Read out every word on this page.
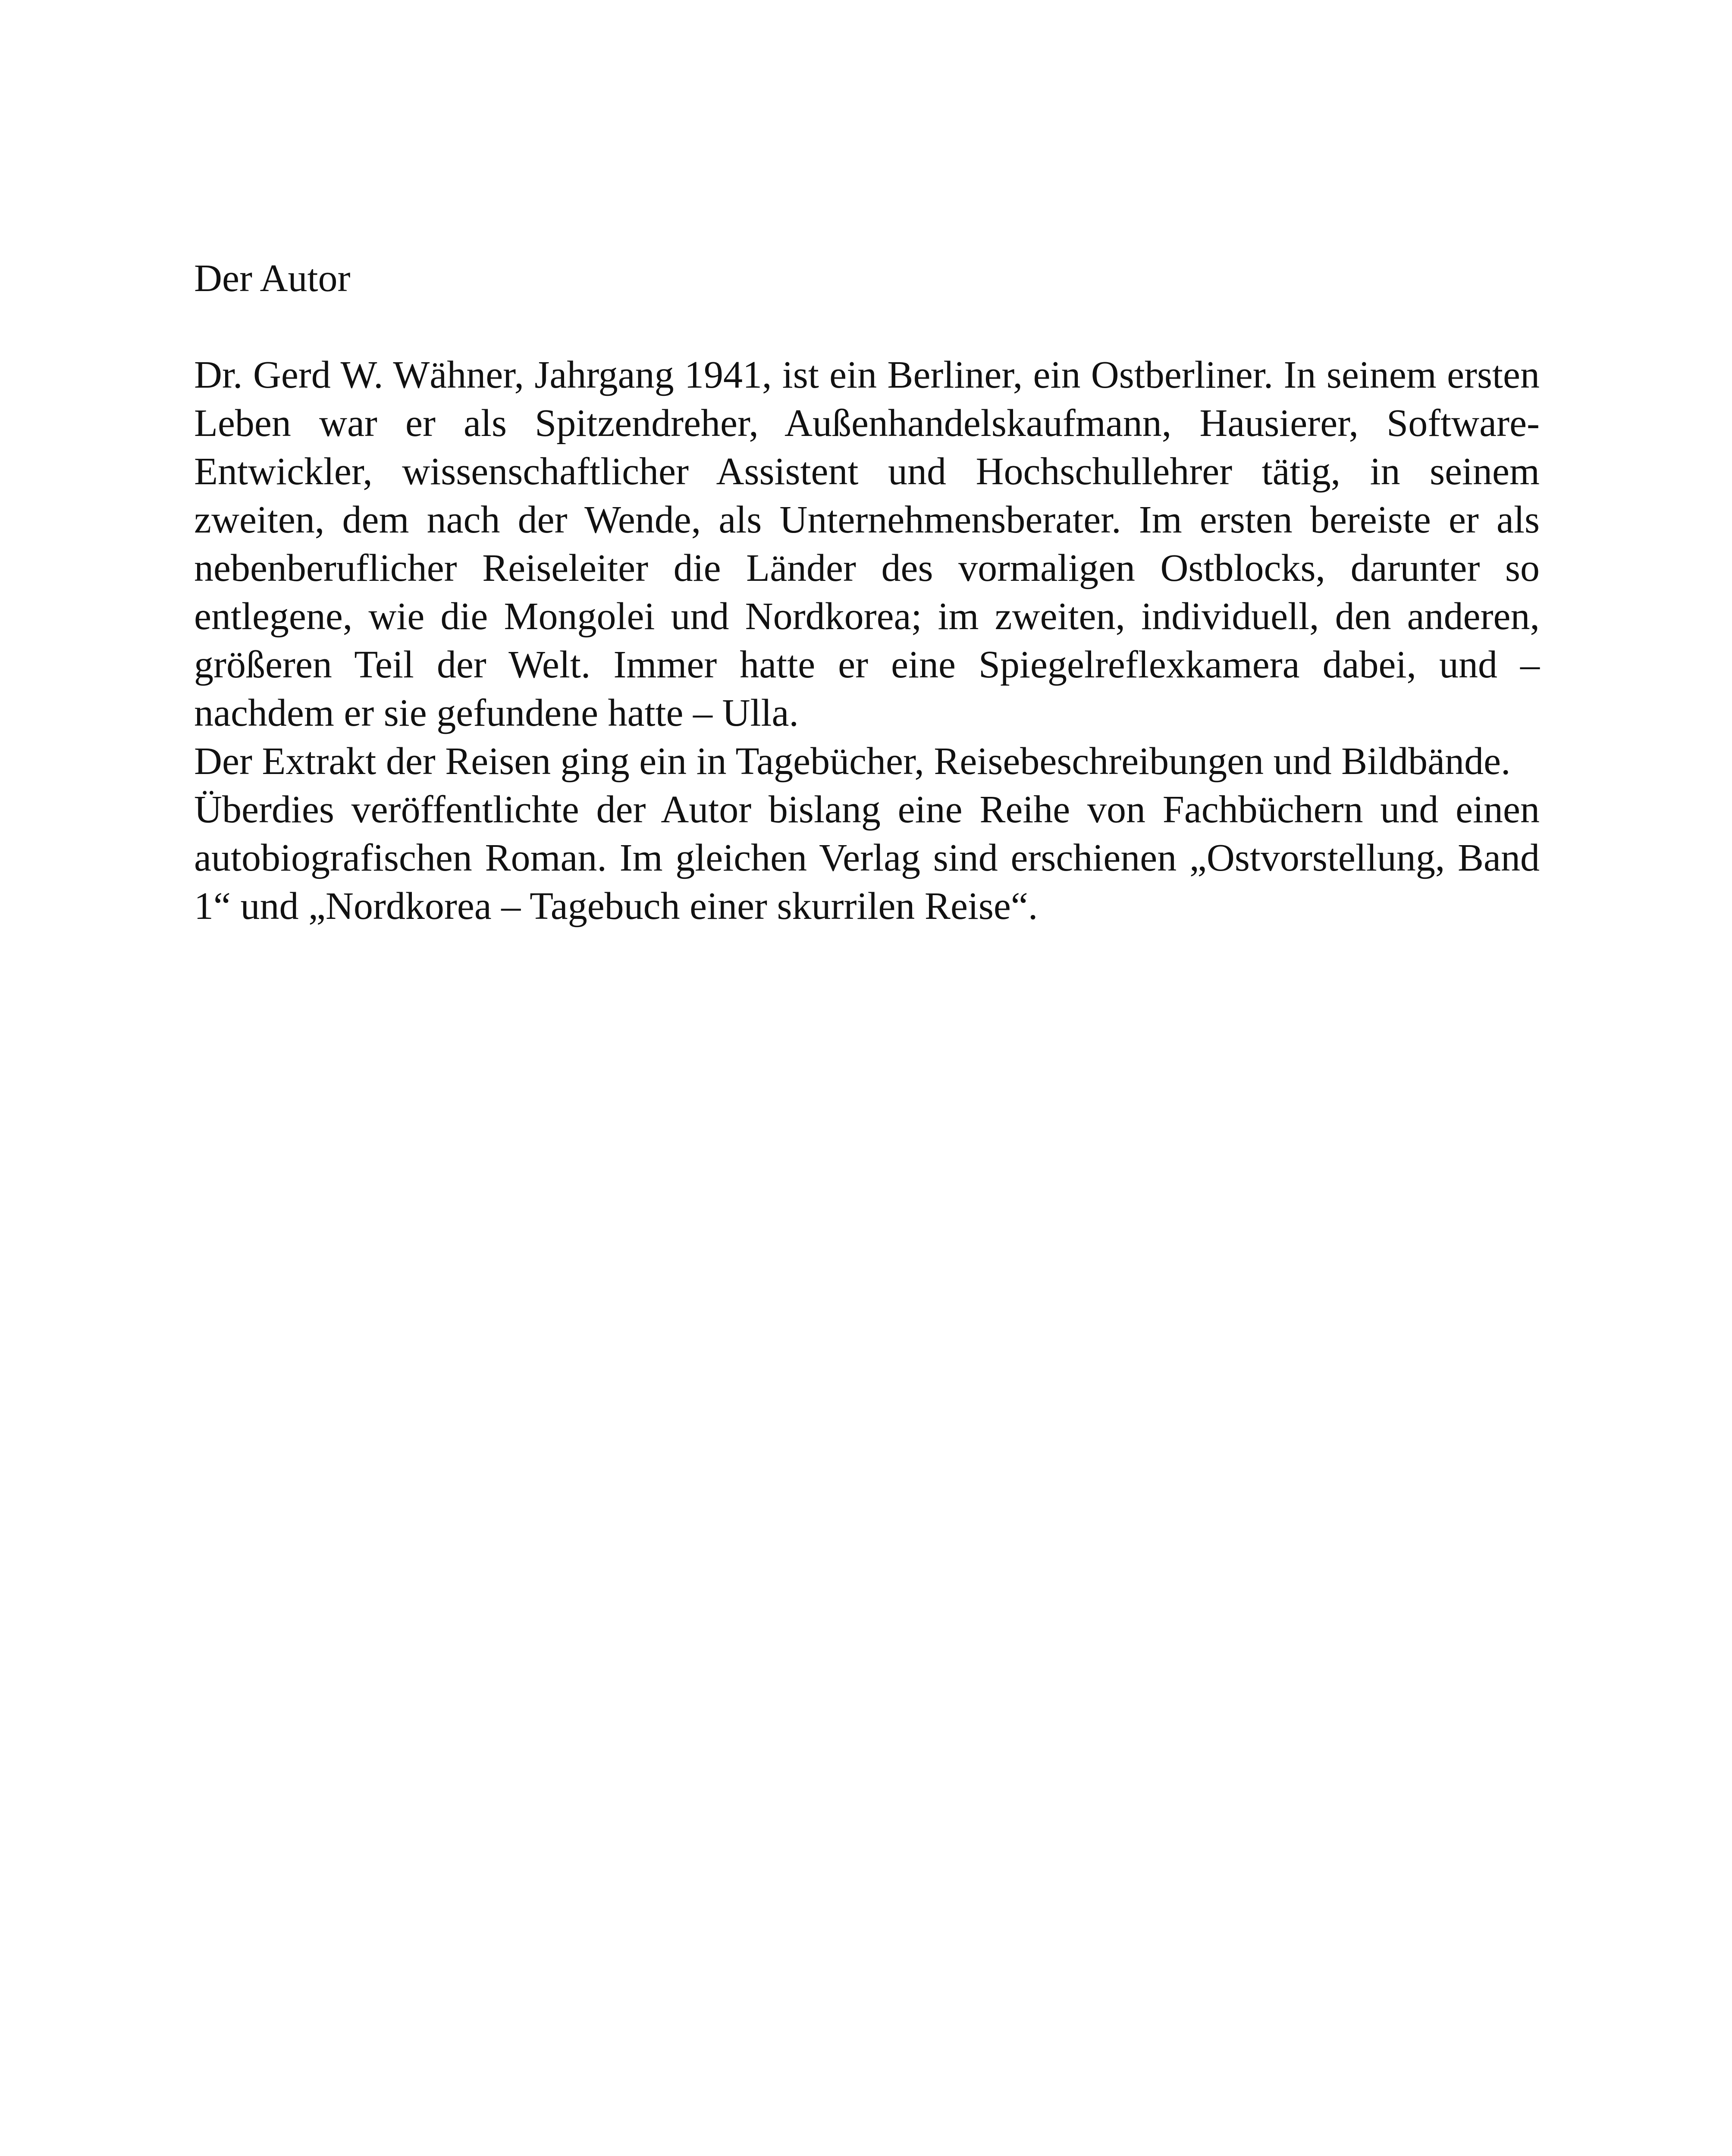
Der Autor

Dr. Gerd W. Wähner, Jahrgang 1941, ist ein Berliner, ein Ostberliner. In seinem ersten Leben war er als Spitzendreher, Außenhandelskaufmann, Hausierer, Software-Entwickler, wissenschaftlicher Assistent und Hochschullehrer tätig, in seinem zweiten, dem nach der Wende, als Unternehmensberater. Im ersten bereiste er als nebenberuflicher Reiseleiter die Länder des vormaligen Ostblocks, darunter so entlegene, wie die Mongolei und Nordkorea; im zweiten, individuell, den anderen, größeren Teil der Welt. Immer hatte er eine Spiegelreflexkamera dabei, und – nachdem er sie gefundene hatte – Ulla.

Der Extrakt der Reisen ging ein in Tagebücher, Reisebeschreibungen und Bildbände.

Überdies veröffentlichte der Autor bislang eine Reihe von Fachbüchern und einen autobiografischen Roman. Im gleichen Verlag sind erschienen „Ostvorstellung, Band 1“ und „Nordkorea – Tagebuch einer skurrilen Reise“.
